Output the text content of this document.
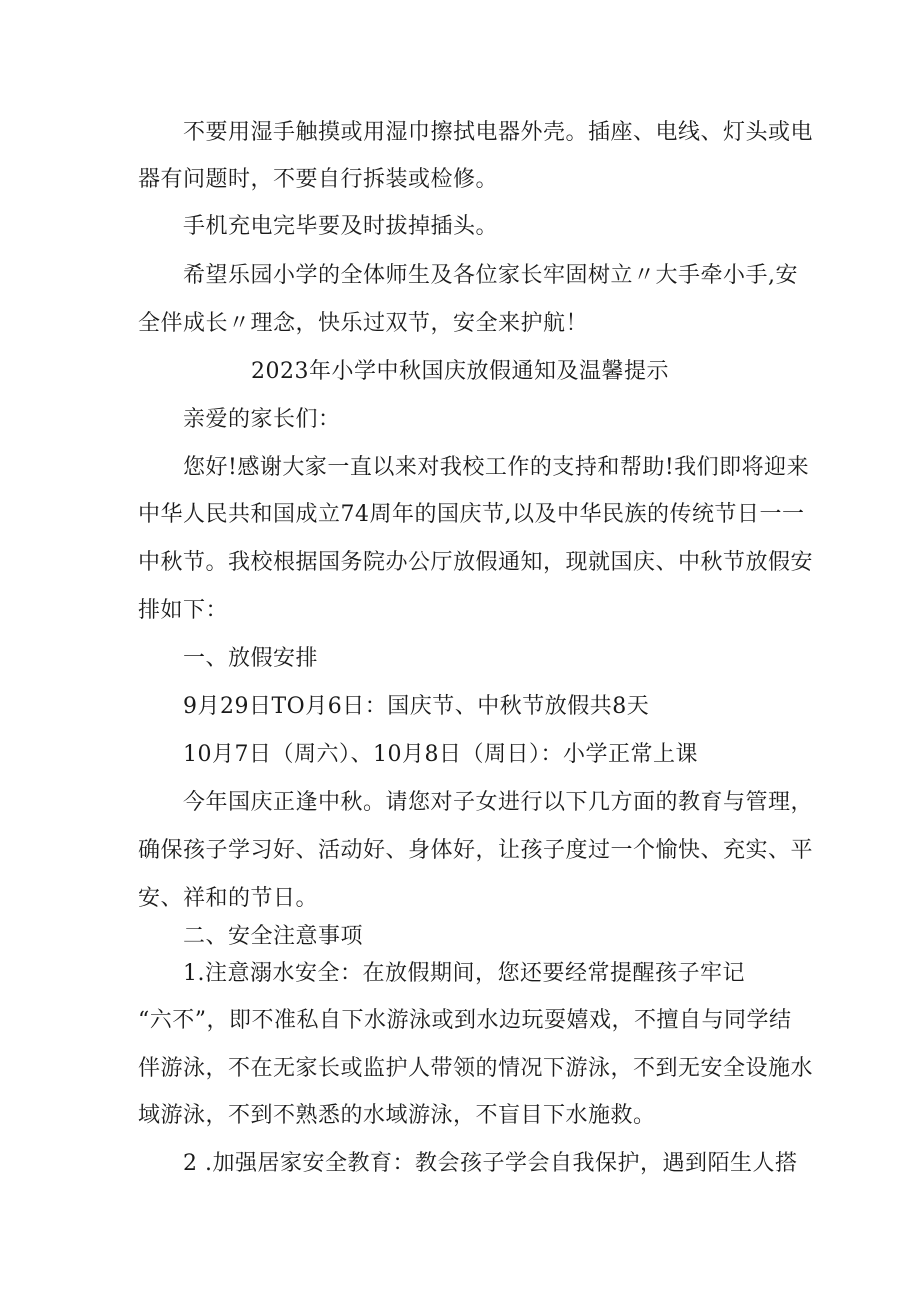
不要用湿手触摸或用湿巾擦拭电器外壳。插座、电线、灯头或电
器有问题时，不要自行拆装或检修。
手机充电完毕要及时拔掉插头。
希望乐园小学的全体师生及各位家长牢固树立〃大手牵小手,安
全伴成长〃理念，快乐过双节，安全来护航！
2023年小学中秋国庆放假通知及温馨提示
亲爱的家长们：
您好!感谢大家一直以来对我校工作的支持和帮助!我们即将迎来
中华人民共和国成立74周年的国庆节,以及中华民族的传统节日一一
中秋节。我校根据国务院办公厅放假通知，现就国庆、中秋节放假安
排如下：
一、放假安排
9月29日TO月6日：国庆节、中秋节放假共8天
10月7日（周六）、10月8日（周日）：小学正常上课
今年国庆正逢中秋。请您对子女进行以下几方面的教育与管理，
确保孩子学习好、活动好、身体好，让孩子度过一个愉快、充实、平
安、祥和的节日。
二、安全注意事项
1.注意溺水安全：在放假期间，您还要经常提醒孩子牢记
“六不”，即不准私自下水游泳或到水边玩耍嬉戏，不擅自与同学结
伴游泳，不在无家长或监护人带领的情况下游泳，不到无安全设施水
域游泳，不到不熟悉的水域游泳，不盲目下水施救。
2 .加强居家安全教育：教会孩子学会自我保护，遇到陌生人搭
